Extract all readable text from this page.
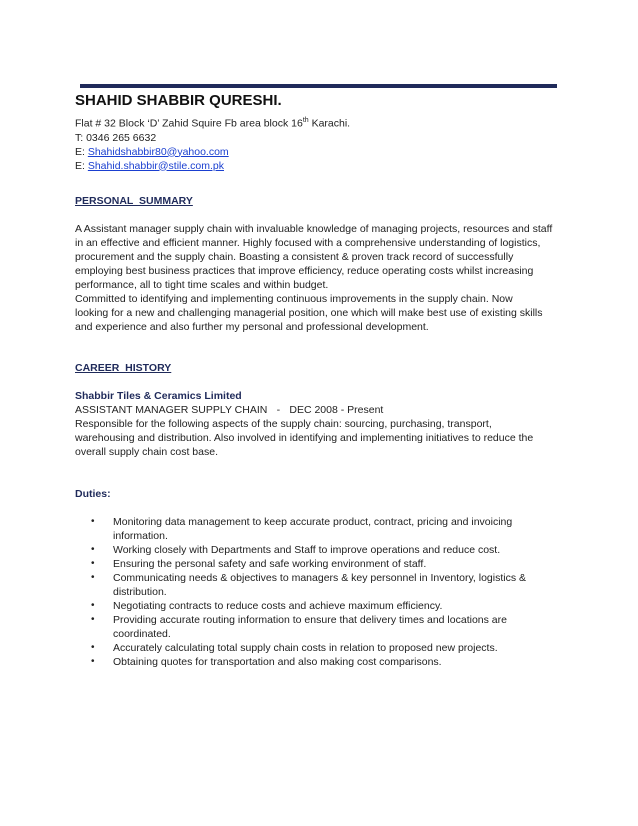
SHAHID SHABBIR QURESHI.

Flat # 32 Block ‘D’ Zahid Squire Fb area block 16th Karachi.

T: 0346 265 6632

E: Shahidshabbir80@yahoo.com

E: Shahid.shabbir@stile.com.pk

PERSONAL  SUMMARY

A Assistant manager supply chain with invaluable knowledge of managing projects, resources and staff

in an effective and efficient manner. Highly focused with a comprehensive understanding of logistics,

procurement and the supply chain. Boasting a consistent & proven track record of successfully

employing best business practices that improve efficiency, reduce operating costs whilst increasing

performance, all to tight time scales and within budget.

Committed to identifying and implementing continuous improvements in the supply chain. Now

looking for a new and challenging managerial position, one which will make best use of existing skills

and experience and also further my personal and professional development.

CAREER  HISTORY

Shabbir Tiles & Ceramics Limited

ASSISTANT MANAGER SUPPLY CHAIN - DEC 2008 - Present

Responsible for the following aspects of the supply chain: sourcing, purchasing, transport,

warehousing and distribution. Also involved in identifying and implementing initiatives to reduce the

overall supply chain cost base.

Duties:

• Monitoring data management to keep accurate product, contract, pricing and invoicing
information.
• Working closely with Departments and Staff to improve operations and reduce cost.
• Ensuring the personal safety and safe working environment of staff.
• Communicating needs & objectives to managers & key personnel in Inventory, logistics &
distribution.
• Negotiating contracts to reduce costs and achieve maximum efficiency.
• Providing accurate routing information to ensure that delivery times and locations are
coordinated.
• Accurately calculating total supply chain costs in relation to proposed new projects.
• Obtaining quotes for transportation and also making cost comparisons.
